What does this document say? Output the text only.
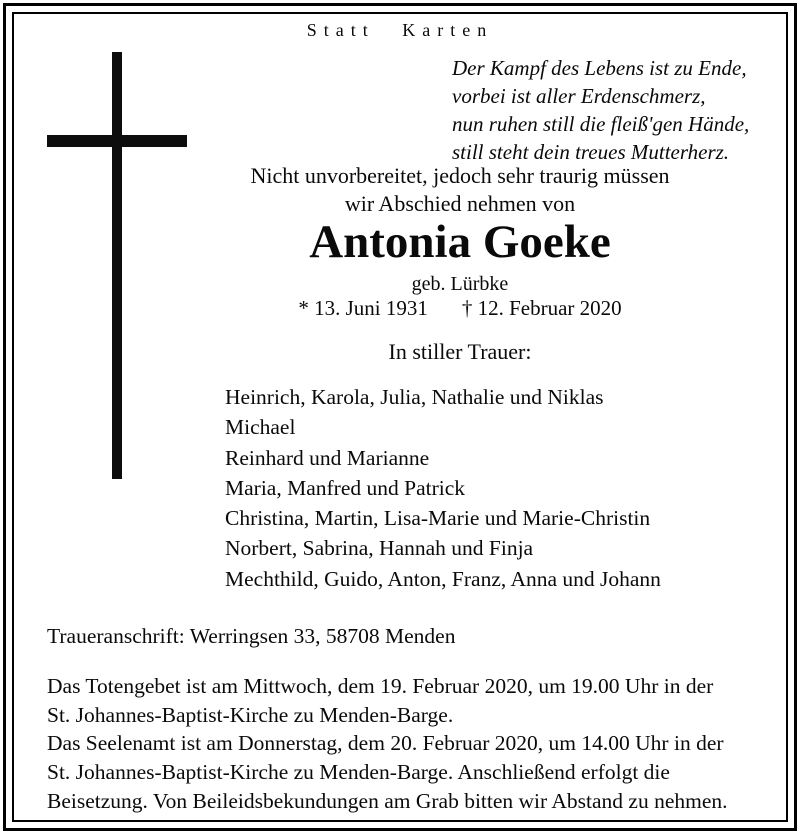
Statt Karten
Der Kampf des Lebens ist zu Ende,
vorbei ist aller Erdenschmerz,
nun ruhen still die fleiß'gen Hände,
still steht dein treues Mutterherz.
Nicht unvorbereitet, jedoch sehr traurig müssen
wir Abschied nehmen von
Antonia Goeke
geb. Lürbke
* 13. Juni 1931 † 12. Februar 2020
In stiller Trauer:
Heinrich, Karola, Julia, Nathalie und Niklas
Michael
Reinhard und Marianne
Maria, Manfred und Patrick
Christina, Martin, Lisa-Marie und Marie-Christin
Norbert, Sabrina, Hannah und Finja
Mechthild, Guido, Anton, Franz, Anna und Johann
Traueranschrift: Werringsen 33, 58708 Menden
Das Totengebet ist am Mittwoch, dem 19. Februar 2020, um 19.00 Uhr in der
St. Johannes-Baptist-Kirche zu Menden-Barge.
Das Seelenamt ist am Donnerstag, dem 20. Februar 2020, um 14.00 Uhr in der
St. Johannes-Baptist-Kirche zu Menden-Barge. Anschließend erfolgt die
Beisetzung. Von Beileidsbekundungen am Grab bitten wir Abstand zu nehmen.
